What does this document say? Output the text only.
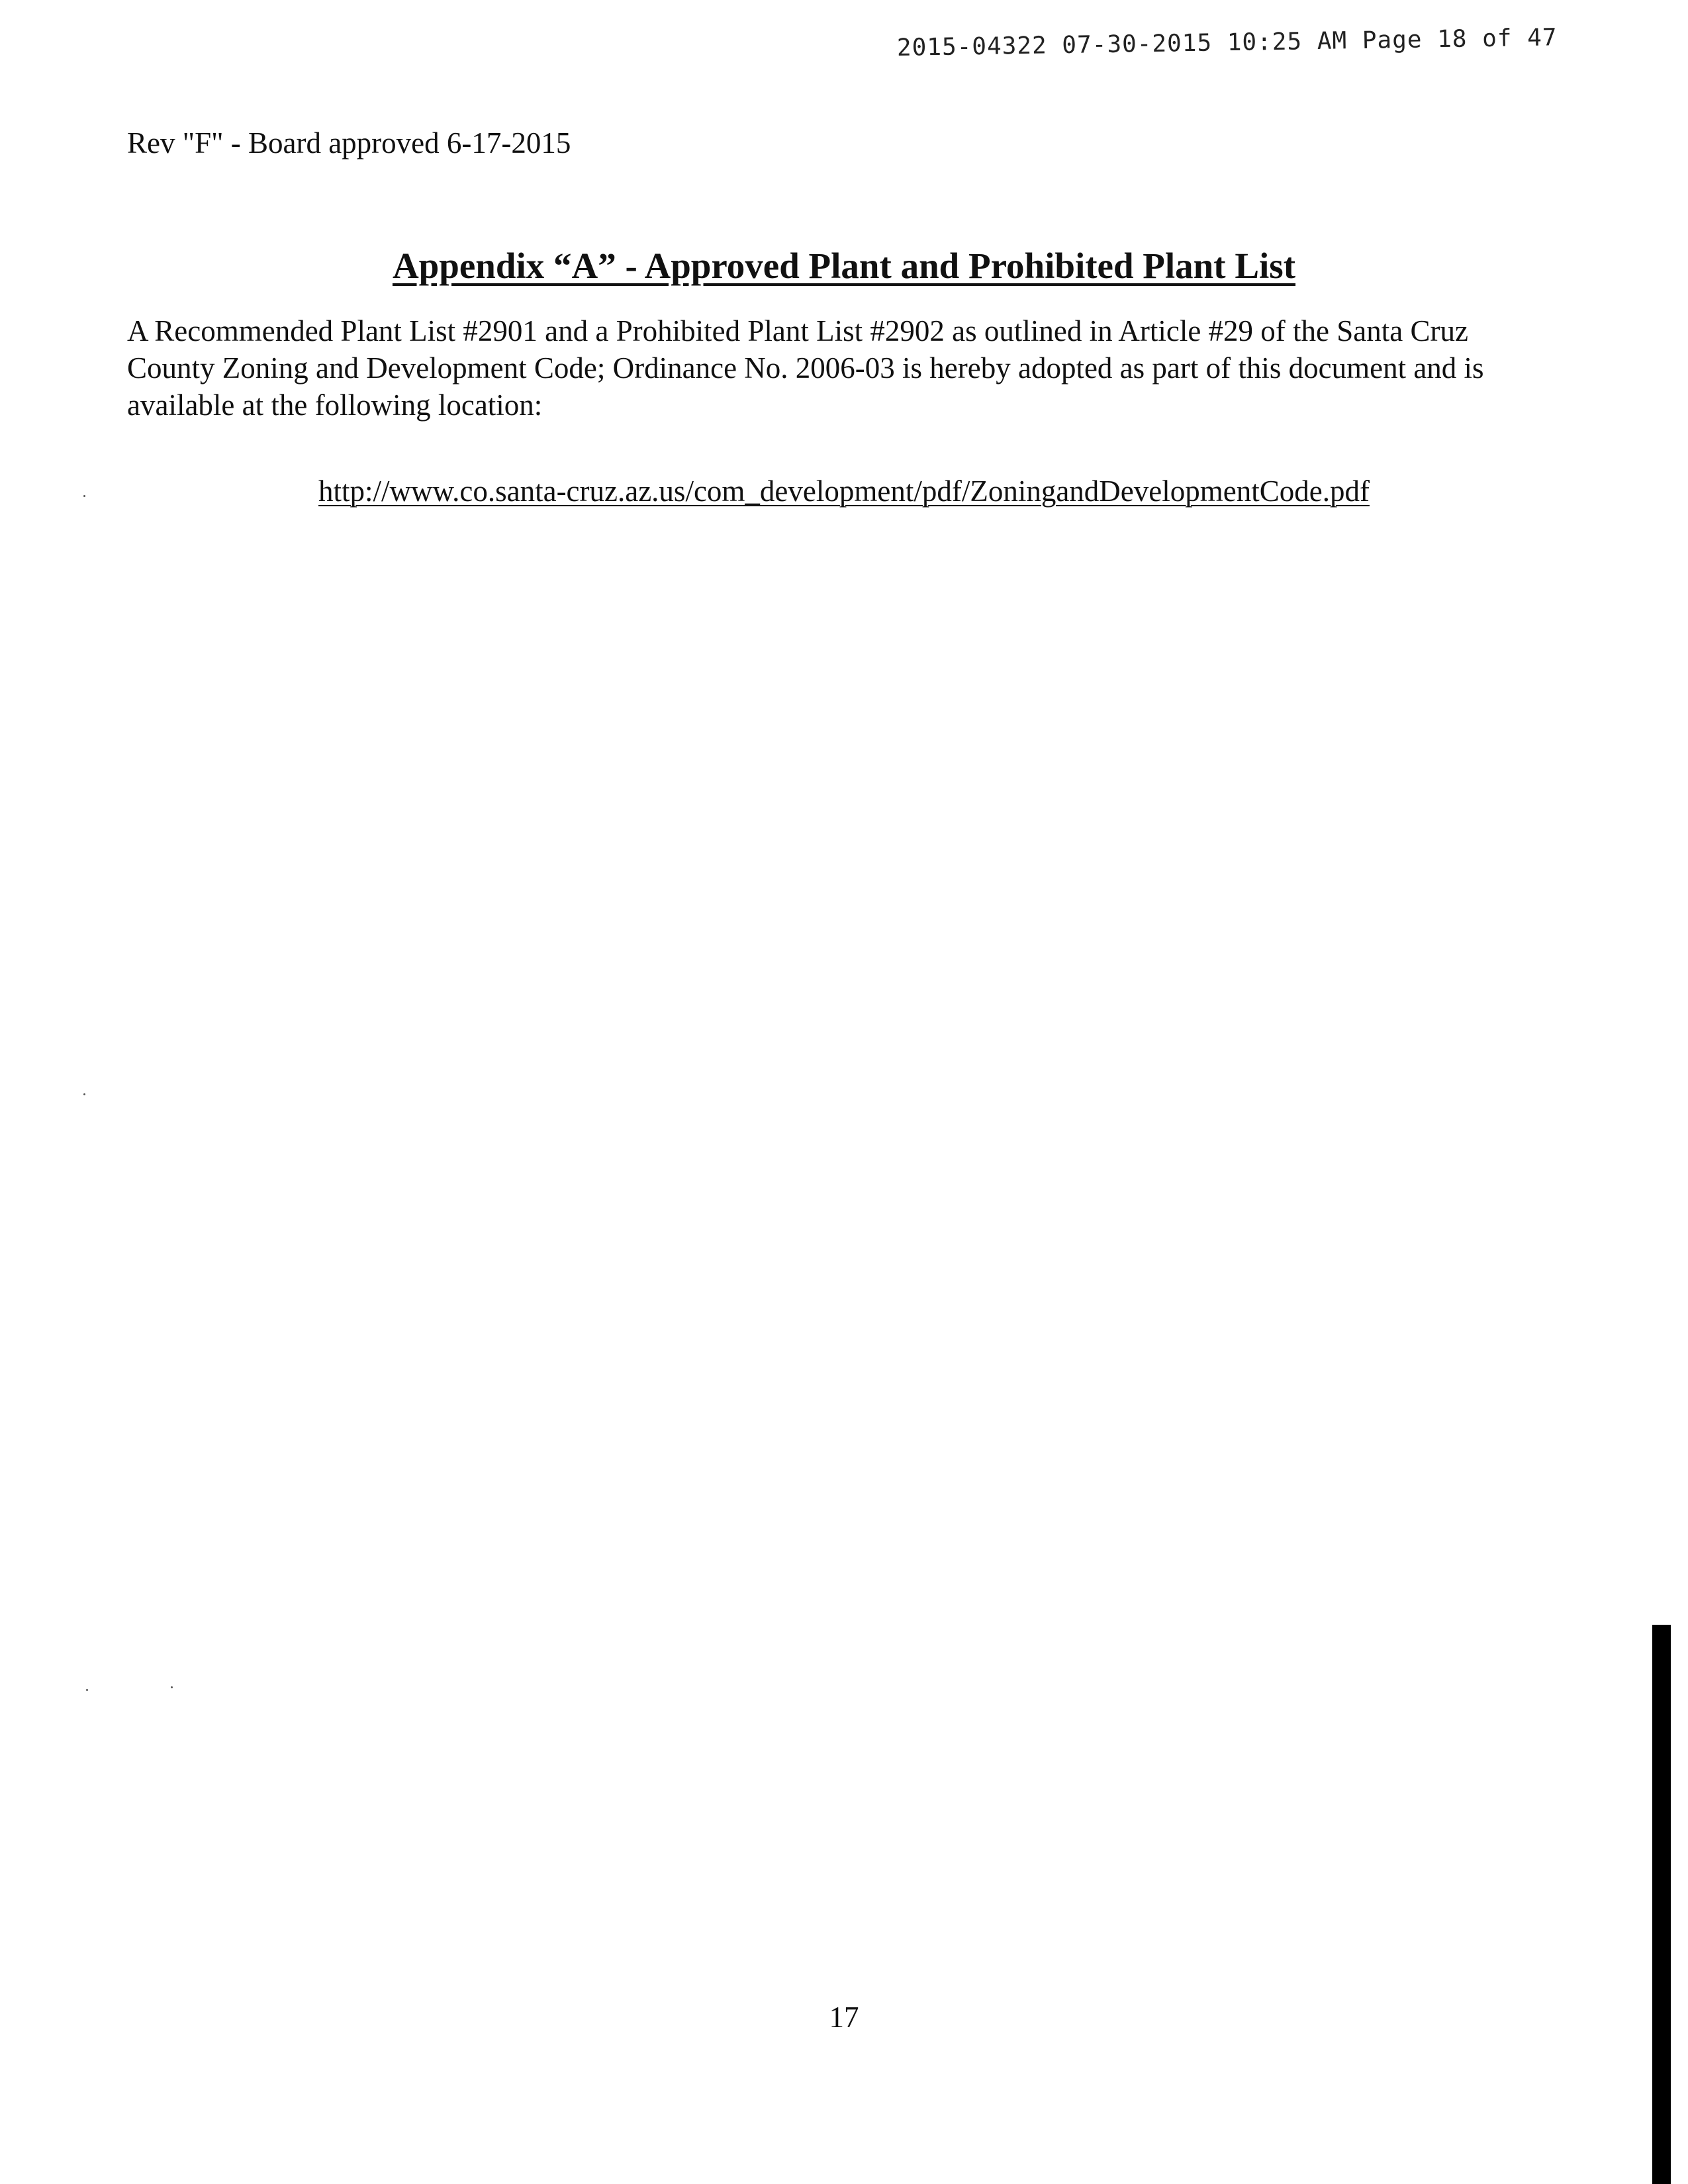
2015-04322 07-30-2015 10:25 AM Page 18 of 47
Rev "F" - Board approved 6-17-2015
Appendix “A” - Approved Plant and Prohibited Plant List

A Recommended Plant List #2901 and a Prohibited Plant List #2902 as outlined in Article #29 of the Santa Cruz County Zoning and Development Code; Ordinance No. 2006-03 is hereby adopted as part of this document and is available at the following location:

http://www.co.santa-cruz.az.us/com_development/pdf/ZoningandDevelopmentCode.pdf
17
